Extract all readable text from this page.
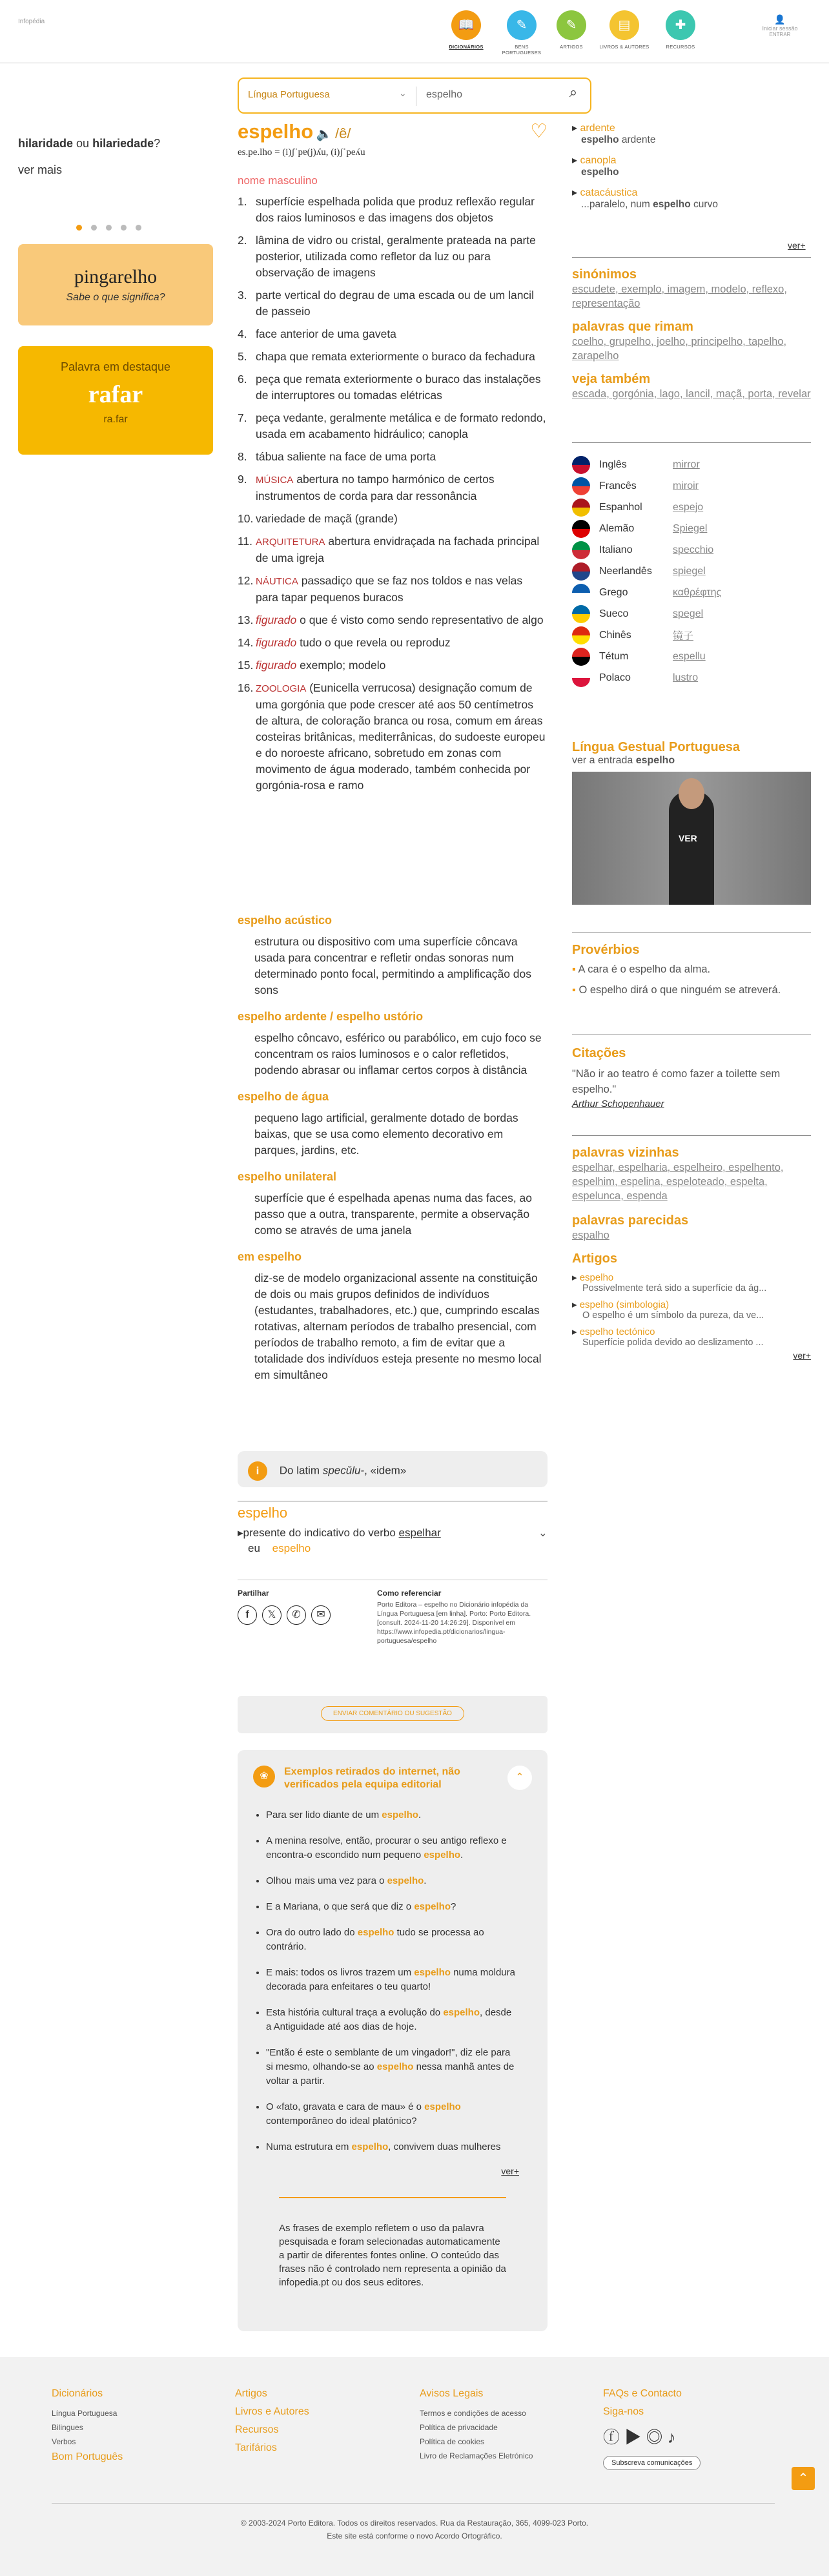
Infopédia	📖
DICIONÁRIOS
✎
BENS PORTUGUESES
✎
ARTIGOS
▤
LIVROS & AUTORES
✚
RECURSOS
👤
Iniciar sessão
ENTRAR
hilaridade ou hilariedade?
ver mais
pingarelho
Sabe o que significa?
Palavra em destaque
rafar
ra.far
Língua Portuguesa	⌄ espelho	⌕
espelho 🔈 /ê/	♡
es.pe.lho = (i)ʃˈpɐ(j)ʎu, (i)ʃˈpeʎu
nome masculino
1. superfície espelhada polida que produz reflexão regular dos raios luminosos e das imagens dos objetos
2. lâmina de vidro ou cristal, geralmente prateada na parte posterior, utilizada como refletor da luz ou para observação de imagens
3. parte vertical do degrau de uma escada ou de um lancil de passeio
4. face anterior de uma gaveta
5. chapa que remata exteriormente o buraco da fechadura
6. peça que remata exteriormente o buraco das instalações de interruptores ou tomadas elétricas
7. peça vedante, geralmente metálica e de formato redondo, usada em acabamento hidráulico; canopla
8. tábua saliente na face de uma porta
9. MÚSICA abertura no tampo harmónico de certos instrumentos de corda para dar ressonância
10. variedade de maçã (grande)
11. ARQUITETURA abertura envidraçada na fachada principal de uma igreja
12. NÁUTICA passadiço que se faz nos toldos e nas velas para tapar pequenos buracos
13. figurado o que é visto como sendo representativo de algo
14. figurado tudo o que revela ou reproduz
15. figurado exemplo; modelo
16. ZOOLOGIA (Eunicella verrucosa) designação comum de uma gorgónia que pode crescer até aos 50 centímetros de altura, de coloração branca ou rosa, comum em áreas costeiras britânicas, mediterrânicas, do sudoeste europeu e do noroeste africano, sobretudo em zonas com movimento de água moderado, também conhecida por gorgónia-rosa e ramo
espelho acústico
estrutura ou dispositivo com uma superfície côncava usada para concentrar e refletir ondas sonoras num determinado ponto focal, permitindo a amplificação dos sons
espelho ardente / espelho ustório
espelho côncavo, esférico ou parabólico, em cujo foco se concentram os raios luminosos e o calor refletidos, podendo abrasar ou inflamar certos corpos à distância
espelho de água
pequeno lago artificial, geralmente dotado de bordas baixas, que se usa como elemento decorativo em parques, jardins, etc.
espelho unilateral
superfície que é espelhada apenas numa das faces, ao passo que a outra, transparente, permite a observação como se através de uma janela
em espelho
diz-se de modelo organizacional assente na constituição de dois ou mais grupos definidos de indivíduos (estudantes, trabalhadores, etc.) que, cumprindo escalas rotativas, alternam períodos de trabalho presencial, com períodos de trabalho remoto, a fim de evitar que a totalidade dos indivíduos esteja presente no mesmo local em simultâneo
i Do latim specŭlu-, «idem»
espelho
▸presente do indicativo do verbo espelhar	⌄
eu espelho
Partilhar
f 𝕏 ✆ ✉
Como referenciar
Porto Editora – espelho no Dicionário infopédia da Língua Portuguesa [em linha]. Porto: Porto Editora. [consult. 2024-11-20 14:26:29]. Disponível em https://www.infopedia.pt/dicionarios/lingua-portuguesa/espelho
ENVIAR COMENTÁRIO OU SUGESTÃO
❀	Exemplos retirados do internet, não verificados pela equipa editorial
⌃
• Para ser lido diante de um espelho.
• A menina resolve, então, procurar o seu antigo reflexo e encontra-o escondido num pequeno espelho.
• Olhou mais uma vez para o espelho.
• E a Mariana, o que será que diz o espelho?
• Ora do outro lado do espelho tudo se processa ao contrário.
• E mais: todos os livros trazem um espelho numa moldura decorada para enfeitares o teu quarto!
• Esta história cultural traça a evolução do espelho, desde a Antiguidade até aos dias de hoje.
• "Então é este o semblante de um vingador!", diz ele para si mesmo, olhando-se ao espelho nessa manhã antes de voltar a partir.
• O «fato, gravata e cara de mau» é o espelho contemporâneo do ideal platónico?
• Numa estrutura em espelho, convivem duas mulheres
ver+
As frases de exemplo refletem o uso da palavra pesquisada e foram selecionadas automaticamente a partir de diferentes fontes online. O conteúdo das frases não é controlado nem representa a opinião da infopedia.pt ou dos seus editores.
▸ ardente
espelho ardente
▸ canopla
espelho
▸ catacáustica
...paralelo, num espelho curvo
ver+
sinónimos
escudete, exemplo, imagem, modelo, reflexo, representação
palavras que rimam
coelho, grupelho, joelho, principelho, tapelho, zarapelho
veja também
escada, gorgónia, lago, lancil, maçã, porta, revelar
Inglês	mirror
Francês	miroir
Espanhol	espejo
Alemão	Spiegel
Italiano	specchio
Neerlandês	spiegel
Grego	καθρέφτης
Sueco	spegel
Chinês	镜子
Tétum	espellu
Polaco	lustro
Língua Gestual Portuguesa
ver a entrada espelho
VER
Provérbios
▪ A cara é o espelho da alma.
▪ O espelho dirá o que ninguém se atreverá.
Citações
"Não ir ao teatro é como fazer a toilette sem espelho."
Arthur Schopenhauer
palavras vizinhas
espelhar, espelharia, espelheiro, espelhento, espelhim, espelina, espeloteado, espelta, espelunca, espenda
palavras parecidas
espalho
Artigos
▸ espelho
Possivelmente terá sido a superfície da ág...
▸ espelho (simbologia)
O espelho é um símbolo da pureza, da ve...
▸ espelho tectónico
Superfície polida devido ao deslizamento ...
ver+
Dicionários
Língua Portuguesa
Bilingues
Verbos
Bom Português
Artigos
Livros e Autores
Recursos
Tarifários
Avisos Legais
Termos e condições de acesso
Política de privacidade
Política de cookies
Livro de Reclamações Eletrónico
FAQs e Contacto
Siga-nos
ⓕ ▶ ◎ ♪
Subscreva comunicações
⌃
© 2003-2024 Porto Editora. Todos os direitos reservados. Rua da Restauração, 365, 4099-023 Porto.
Este site está conforme o novo Acordo Ortográfico.
